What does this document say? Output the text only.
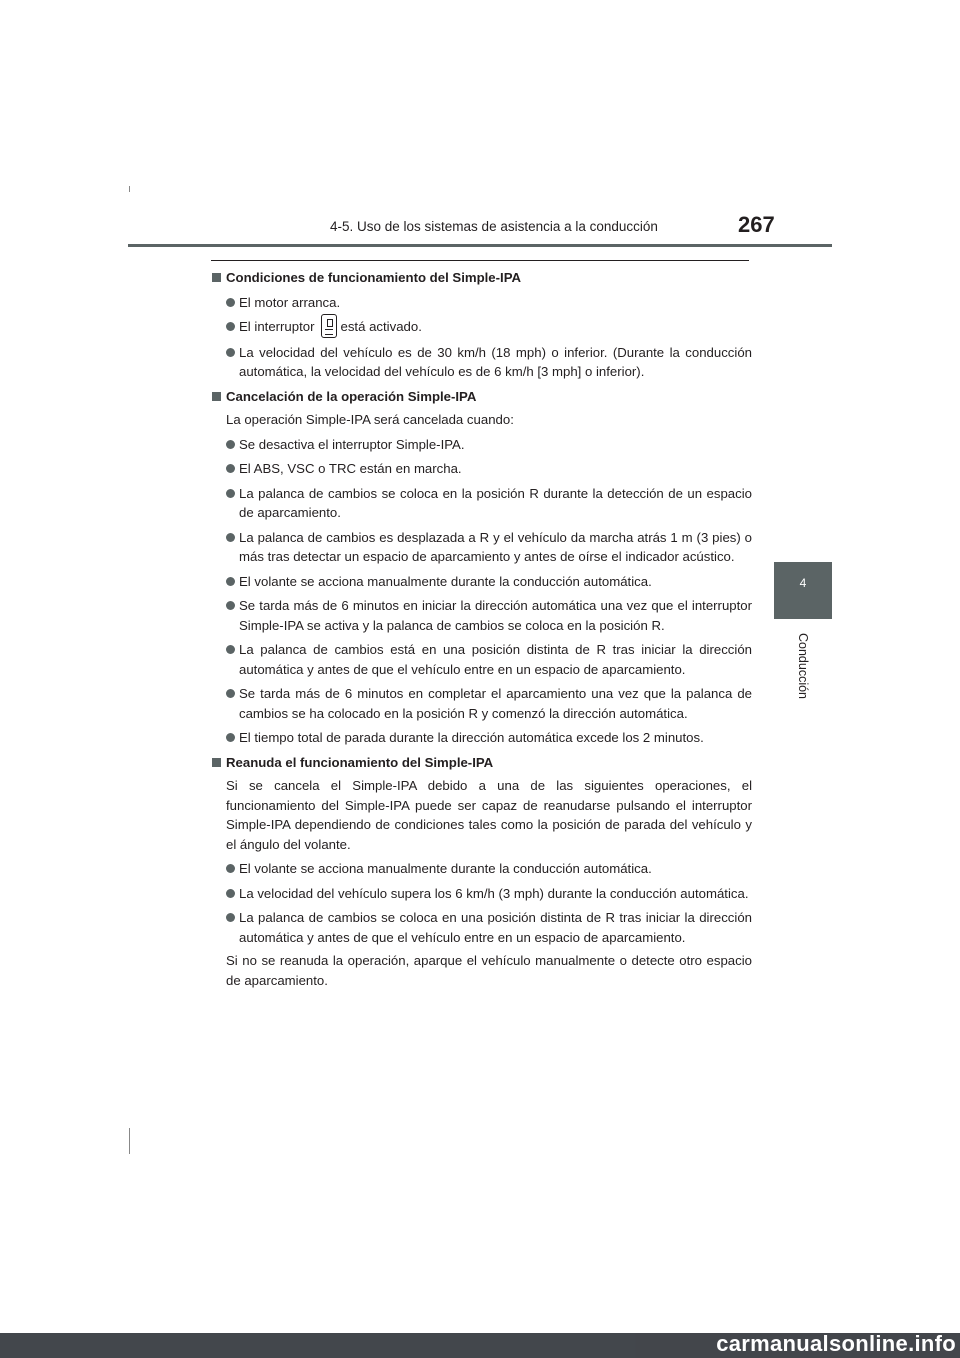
4-5. Uso de los sistemas de asistencia a la conducción	267
4
Conducción
Condiciones de funcionamiento del Simple-IPA
El motor arranca.
El interruptor está activado.
La velocidad del vehículo es de 30 km/h (18 mph) o inferior. (Durante la conducción automática, la velocidad del vehículo es de 6 km/h [3 mph] o inferior).
Cancelación de la operación Simple-IPA
La operación Simple-IPA será cancelada cuando:
Se desactiva el interruptor Simple-IPA.
El ABS, VSC o TRC están en marcha.
La palanca de cambios se coloca en la posición R durante la detección de un espacio de aparcamiento.
La palanca de cambios es desplazada a R y el vehículo da marcha atrás 1 m (3 pies) o más tras detectar un espacio de aparcamiento y antes de oírse el indicador acústico.
El volante se acciona manualmente durante la conducción automática.
Se tarda más de 6 minutos en iniciar la dirección automática una vez que el interruptor Simple-IPA se activa y la palanca de cambios se coloca en la posición R.
La palanca de cambios está en una posición distinta de R tras iniciar la dirección automática y antes de que el vehículo entre en un espacio de aparcamiento.
Se tarda más de 6 minutos en completar el aparcamiento una vez que la palanca de cambios se ha colocado en la posición R y comenzó la dirección automática.
El tiempo total de parada durante la dirección automática excede los 2 minutos.
Reanuda el funcionamiento del Simple-IPA
Si se cancela el Simple-IPA debido a una de las siguientes operaciones, el funcionamiento del Simple-IPA puede ser capaz de reanudarse pulsando el interruptor Simple-IPA dependiendo de condiciones tales como la posición de parada del vehículo y el ángulo del volante.
El volante se acciona manualmente durante la conducción automática.
La velocidad del vehículo supera los 6 km/h (3 mph) durante la conducción automática.
La palanca de cambios se coloca en una posición distinta de R tras iniciar la dirección automática y antes de que el vehículo entre en un espacio de aparcamiento.
Si no se reanuda la operación, aparque el vehículo manualmente o detecte otro espacio de aparcamiento.
carmanualsonline.info
